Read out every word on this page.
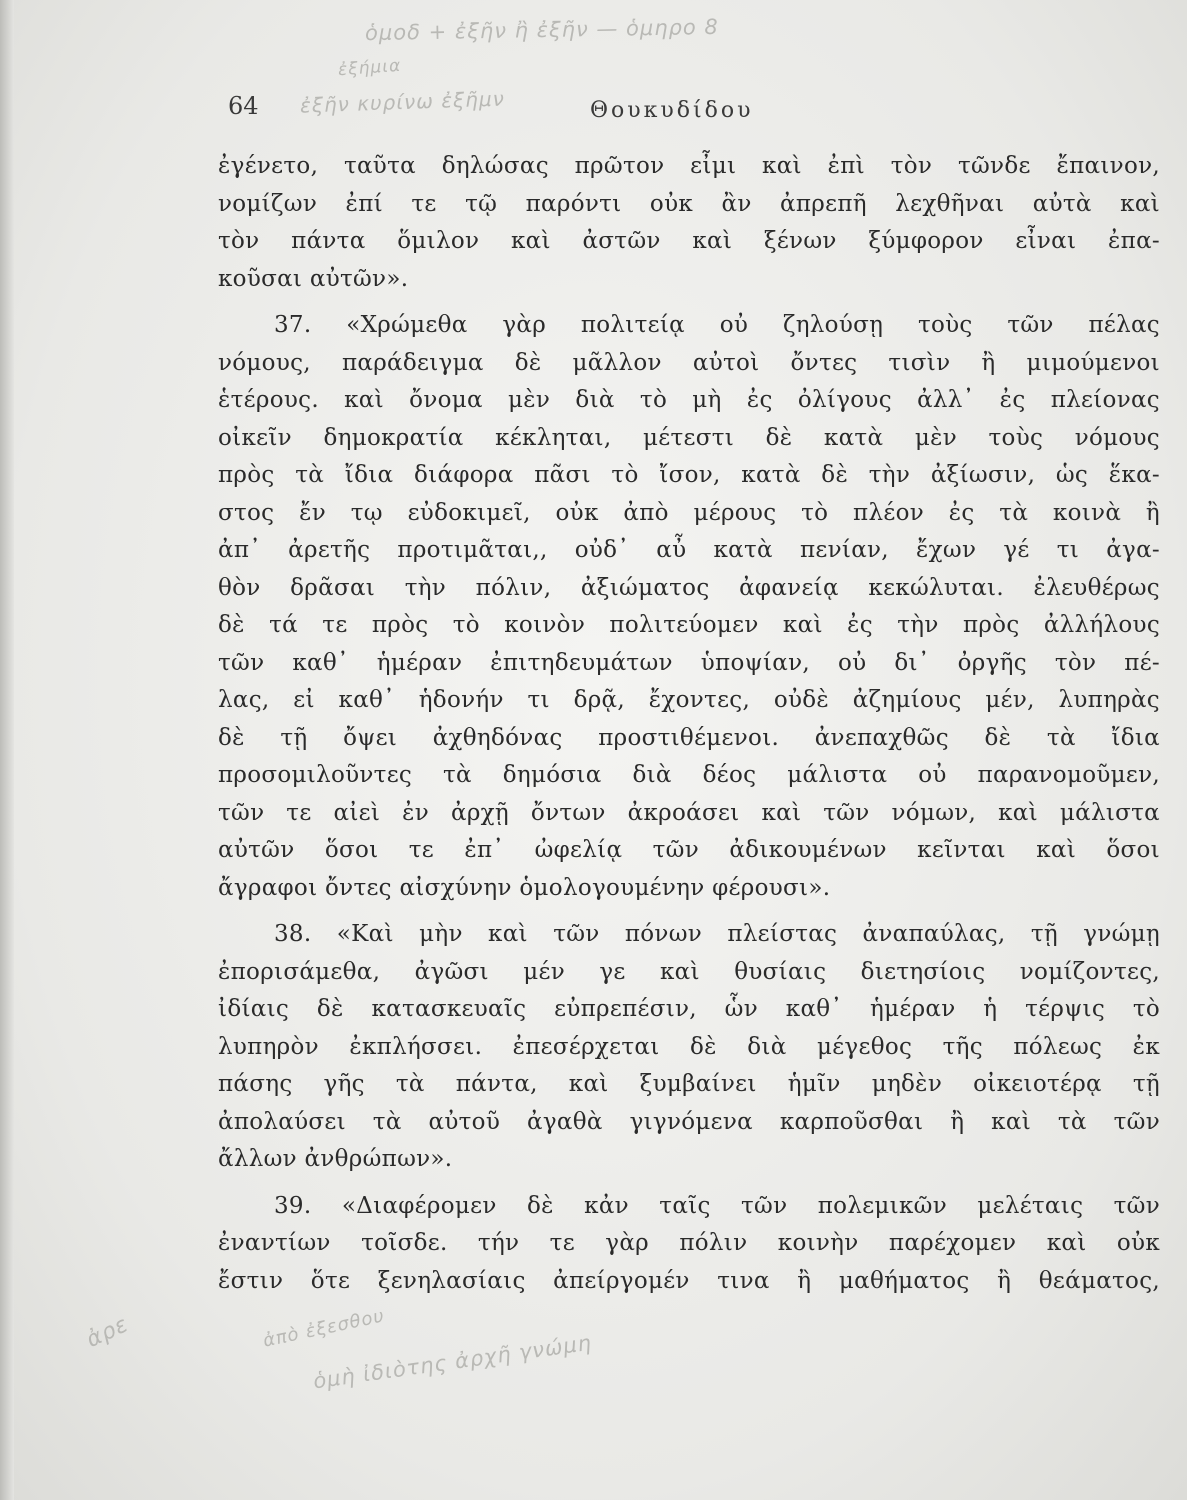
ὁμοδ + ἐξῆν ἢ ἐξῆν — ὁμηρο 8
ἐξήμια
ἐξῆν κυρίνω ἐξῆμν
64	Θουκυδίδου
ἐγένετο, ταῦτα δηλώσας πρῶτον εἶμι καὶ ἐπὶ τὸν τῶνδε ἔπαινον,
νομίζων ἐπί τε τῷ παρόντι οὐκ ἂν ἀπρεπῆ λεχθῆναι αὐτὰ καὶ
τὸν πάντα ὅμιλον καὶ ἀστῶν καὶ ξένων ξύμφορον εἶναι ἐπα-
κοῦσαι αὐτῶν».
37. «Χρώμεθα γὰρ πολιτείᾳ οὐ ζηλούσῃ τοὺς τῶν πέλας
νόμους, παράδειγμα δὲ μᾶλλον αὐτοὶ ὄντες τισὶν ἢ μιμούμενοι
ἑτέρους. καὶ ὄνομα μὲν διὰ τὸ μὴ ἐς ὀλίγους ἀλλ᾽ ἐς πλείονας
οἰκεῖν δημοκρατία κέκληται, μέτεστι δὲ κατὰ μὲν τοὺς νόμους
πρὸς τὰ ἴδια διάφορα πᾶσι τὸ ἴσον, κατὰ δὲ τὴν ἀξίωσιν, ὡς ἕκα-
στος ἔν τῳ εὐδοκιμεῖ, οὐκ ἀπὸ μέρους τὸ πλέον ἐς τὰ κοινὰ ἢ
ἀπ᾽ ἀρετῆς προτιμᾶται,, οὐδ᾽ αὖ κατὰ πενίαν, ἔχων γέ τι ἀγα-
θὸν δρᾶσαι τὴν πόλιν, ἀξιώματος ἀφανείᾳ κεκώλυται. ἐλευθέρως
δὲ τά τε πρὸς τὸ κοινὸν πολιτεύομεν καὶ ἐς τὴν πρὸς ἀλλήλους
τῶν καθ᾽ ἡμέραν ἐπιτηδευμάτων ὑποψίαν, οὐ δι᾽ ὀργῆς τὸν πέ-
λας, εἰ καθ᾽ ἡδονήν τι δρᾷ, ἔχοντες, οὐδὲ ἀζημίους μέν, λυπηρὰς
δὲ τῇ ὄψει ἀχθηδόνας προστιθέμενοι. ἀνεπαχθῶς δὲ τὰ ἴδια
προσομιλοῦντες τὰ δημόσια διὰ δέος μάλιστα οὐ παρανομοῦμεν,
τῶν τε αἰεὶ ἐν ἀρχῇ ὄντων ἀκροάσει καὶ τῶν νόμων, καὶ μάλιστα
αὐτῶν ὅσοι τε ἐπ᾽ ὠφελίᾳ τῶν ἀδικουμένων κεῖνται καὶ ὅσοι
ἄγραφοι ὄντες αἰσχύνην ὁμολογουμένην φέρουσι».
38. «Καὶ μὴν καὶ τῶν πόνων πλείστας ἀναπαύλας, τῇ γνώμῃ
ἐπορισάμεθα, ἀγῶσι μέν γε καὶ θυσίαις διετησίοις νομίζοντες,
ἰδίαις δὲ κατασκευαῖς εὐπρεπέσιν, ὧν καθ᾽ ἡμέραν ἡ τέρψις τὸ
λυπηρὸν ἐκπλήσσει. ἐπεσέρχεται δὲ διὰ μέγεθος τῆς πόλεως ἐκ
πάσης γῆς τὰ πάντα, καὶ ξυμβαίνει ἡμῖν μηδὲν οἰκειοτέρᾳ τῇ
ἀπολαύσει τὰ αὐτοῦ ἀγαθὰ γιγνόμενα καρποῦσθαι ἢ καὶ τὰ τῶν
ἄλλων ἀνθρώπων».
39. «Διαφέρομεν δὲ κἀν ταῖς τῶν πολεμικῶν μελέταις τῶν
ἐναντίων τοῖσδε. τήν τε γὰρ πόλιν κοινὴν παρέχομεν καὶ οὐκ
ἔστιν ὅτε ξενηλασίαις ἀπείργομέν τινα ἢ μαθήματος ἢ θεάματος,
ἀρε	ἀπὸ ἐξεσθου
ὁμὴ ἰδιὸτης ἀρχῆ γνώμη
